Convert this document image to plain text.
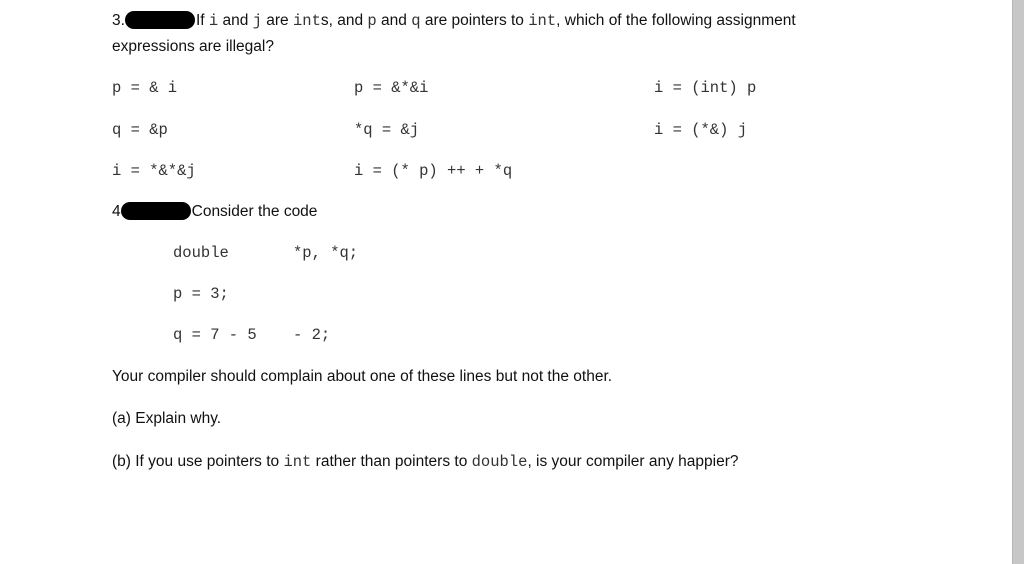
3.	If i and j are ints, and p and q are pointers to int, which of the following assignment
expressions are illegal?
p = & i	p = &*&i	i = (int) p
q = &p	*q = &j	i = (*&) j
i = *&*&j	i = (* p) ++ + *q
4	Consider the code
double	*p, *q;
p = 3;
q = 7 - 5 - 2;
Your compiler should complain about one of these lines but not the other.
(a) Explain why.
(b) If you use pointers to int rather than pointers to double, is your compiler any happier?
